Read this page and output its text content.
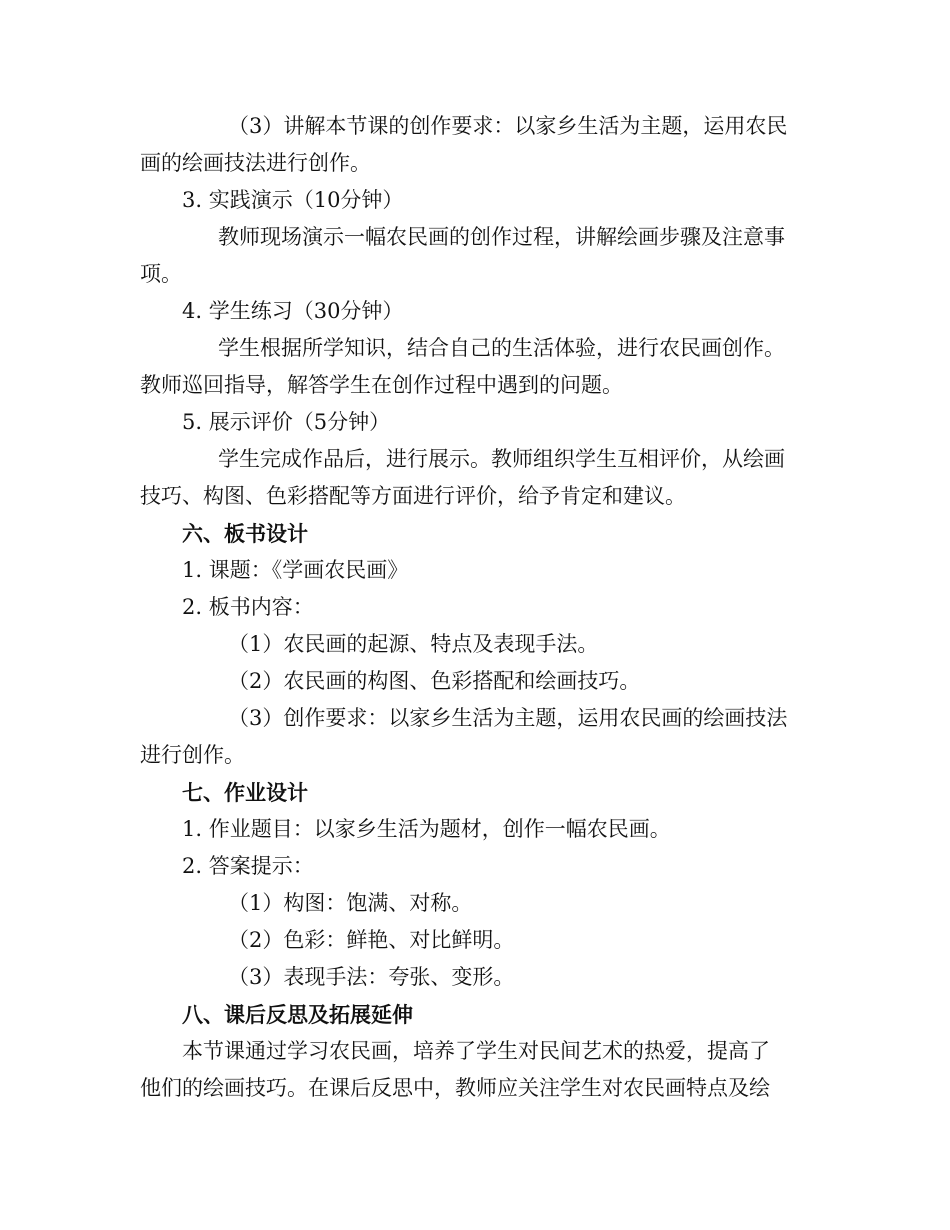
（3）讲解本节课的创作要求：以家乡生活为主题，运用农民
画的绘画技法进行创作。
3. 实践演示（10分钟）
教师现场演示一幅农民画的创作过程，讲解绘画步骤及注意事
项。
4. 学生练习（30分钟）
学生根据所学知识，结合自己的生活体验，进行农民画创作。
教师巡回指导，解答学生在创作过程中遇到的问题。
5. 展示评价（5分钟）
学生完成作品后，进行展示。教师组织学生互相评价，从绘画
技巧、构图、色彩搭配等方面进行评价，给予肯定和建议。
六、板书设计
1. 课题：《学画农民画》
2. 板书内容：
（1）农民画的起源、特点及表现手法。
（2）农民画的构图、色彩搭配和绘画技巧。
（3）创作要求：以家乡生活为主题，运用农民画的绘画技法
进行创作。
七、作业设计
1. 作业题目：以家乡生活为题材，创作一幅农民画。
2. 答案提示：
（1）构图：饱满、对称。
（2）色彩：鲜艳、对比鲜明。
（3）表现手法：夸张、变形。
八、课后反思及拓展延伸
本节课通过学习农民画，培养了学生对民间艺术的热爱，提高了
他们的绘画技巧。在课后反思中，教师应关注学生对农民画特点及绘
